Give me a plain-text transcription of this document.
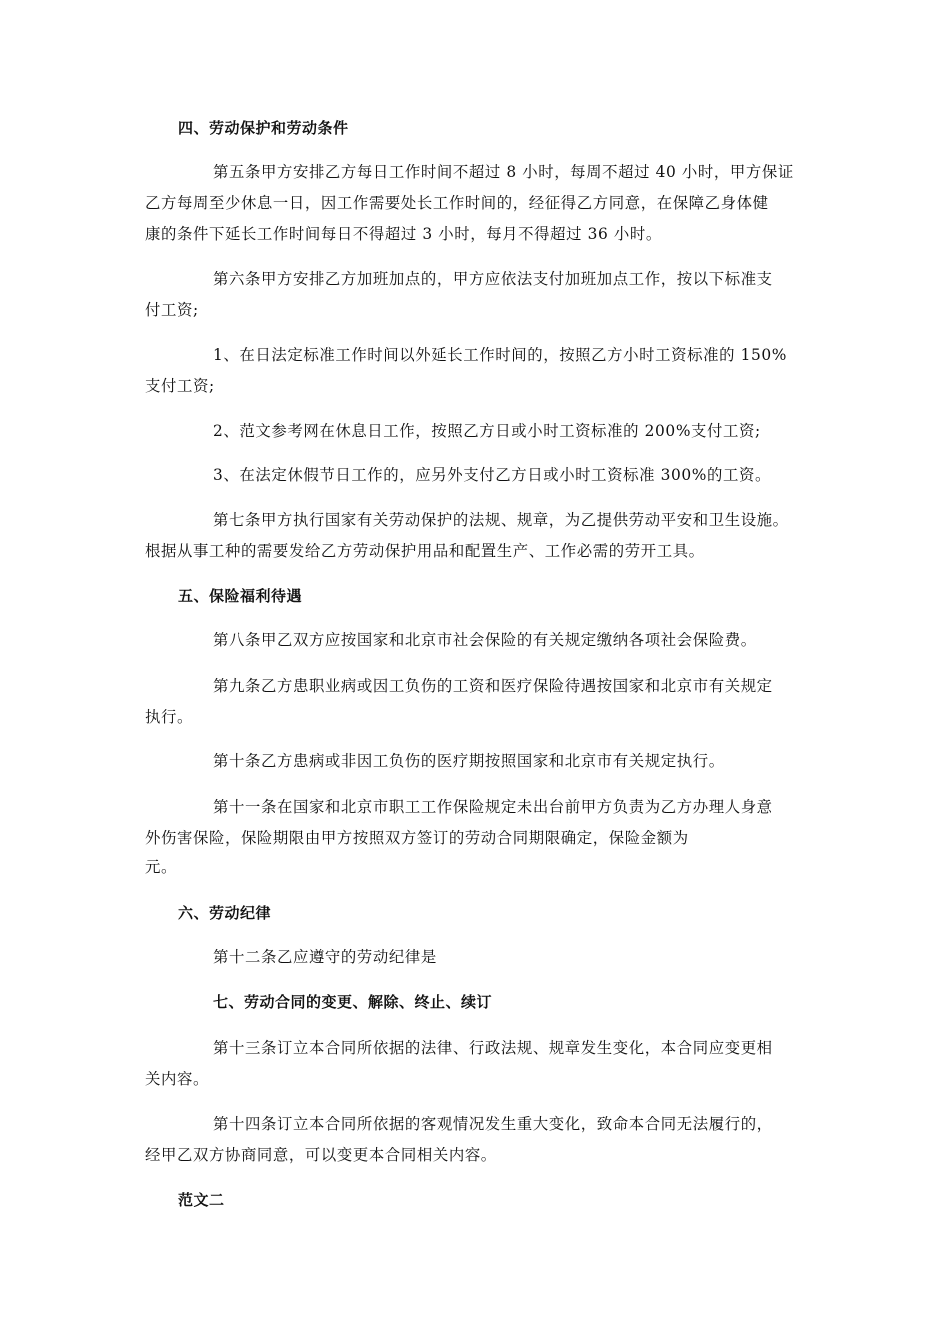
四、劳动保护和劳动条件
第五条甲方安排乙方每日工作时间不超过 8 小时，每周不超过 40 小时，甲方保证
乙方每周至少休息一日，因工作需要处长工作时间的，经征得乙方同意，在保障乙身体健
康的条件下延长工作时间每日不得超过 3 小时，每月不得超过 36 小时。
第六条甲方安排乙方加班加点的，甲方应依法支付加班加点工作，按以下标准支
付工资;
1、在日法定标准工作时间以外延长工作时间的，按照乙方小时工资标准的 150%
支付工资;
2、范文参考网在休息日工作，按照乙方日或小时工资标准的 200%支付工资;
3、在法定休假节日工作的，应另外支付乙方日或小时工资标准 300%的工资。
第七条甲方执行国家有关劳动保护的法规、规章，为乙提供劳动平安和卫生设施。
根据从事工种的需要发给乙方劳动保护用品和配置生产、工作必需的劳开工具。
五、保险福利待遇
第八条甲乙双方应按国家和北京市社会保险的有关规定缴纳各项社会保险费。
第九条乙方患职业病或因工负伤的工资和医疗保险待遇按国家和北京市有关规定
执行。
第十条乙方患病或非因工负伤的医疗期按照国家和北京市有关规定执行。
第十一条在国家和北京市职工工作保险规定未出台前甲方负责为乙方办理人身意
外伤害保险，保险期限由甲方按照双方签订的劳动合同期限确定，保险金额为
元。
六、劳动纪律
第十二条乙应遵守的劳动纪律是
七、劳动合同的变更、解除、终止、续订
第十三条订立本合同所依据的法律、行政法规、规章发生变化，本合同应变更相
关内容。
第十四条订立本合同所依据的客观情况发生重大变化，致命本合同无法履行的，
经甲乙双方协商同意，可以变更本合同相关内容。
范文二
